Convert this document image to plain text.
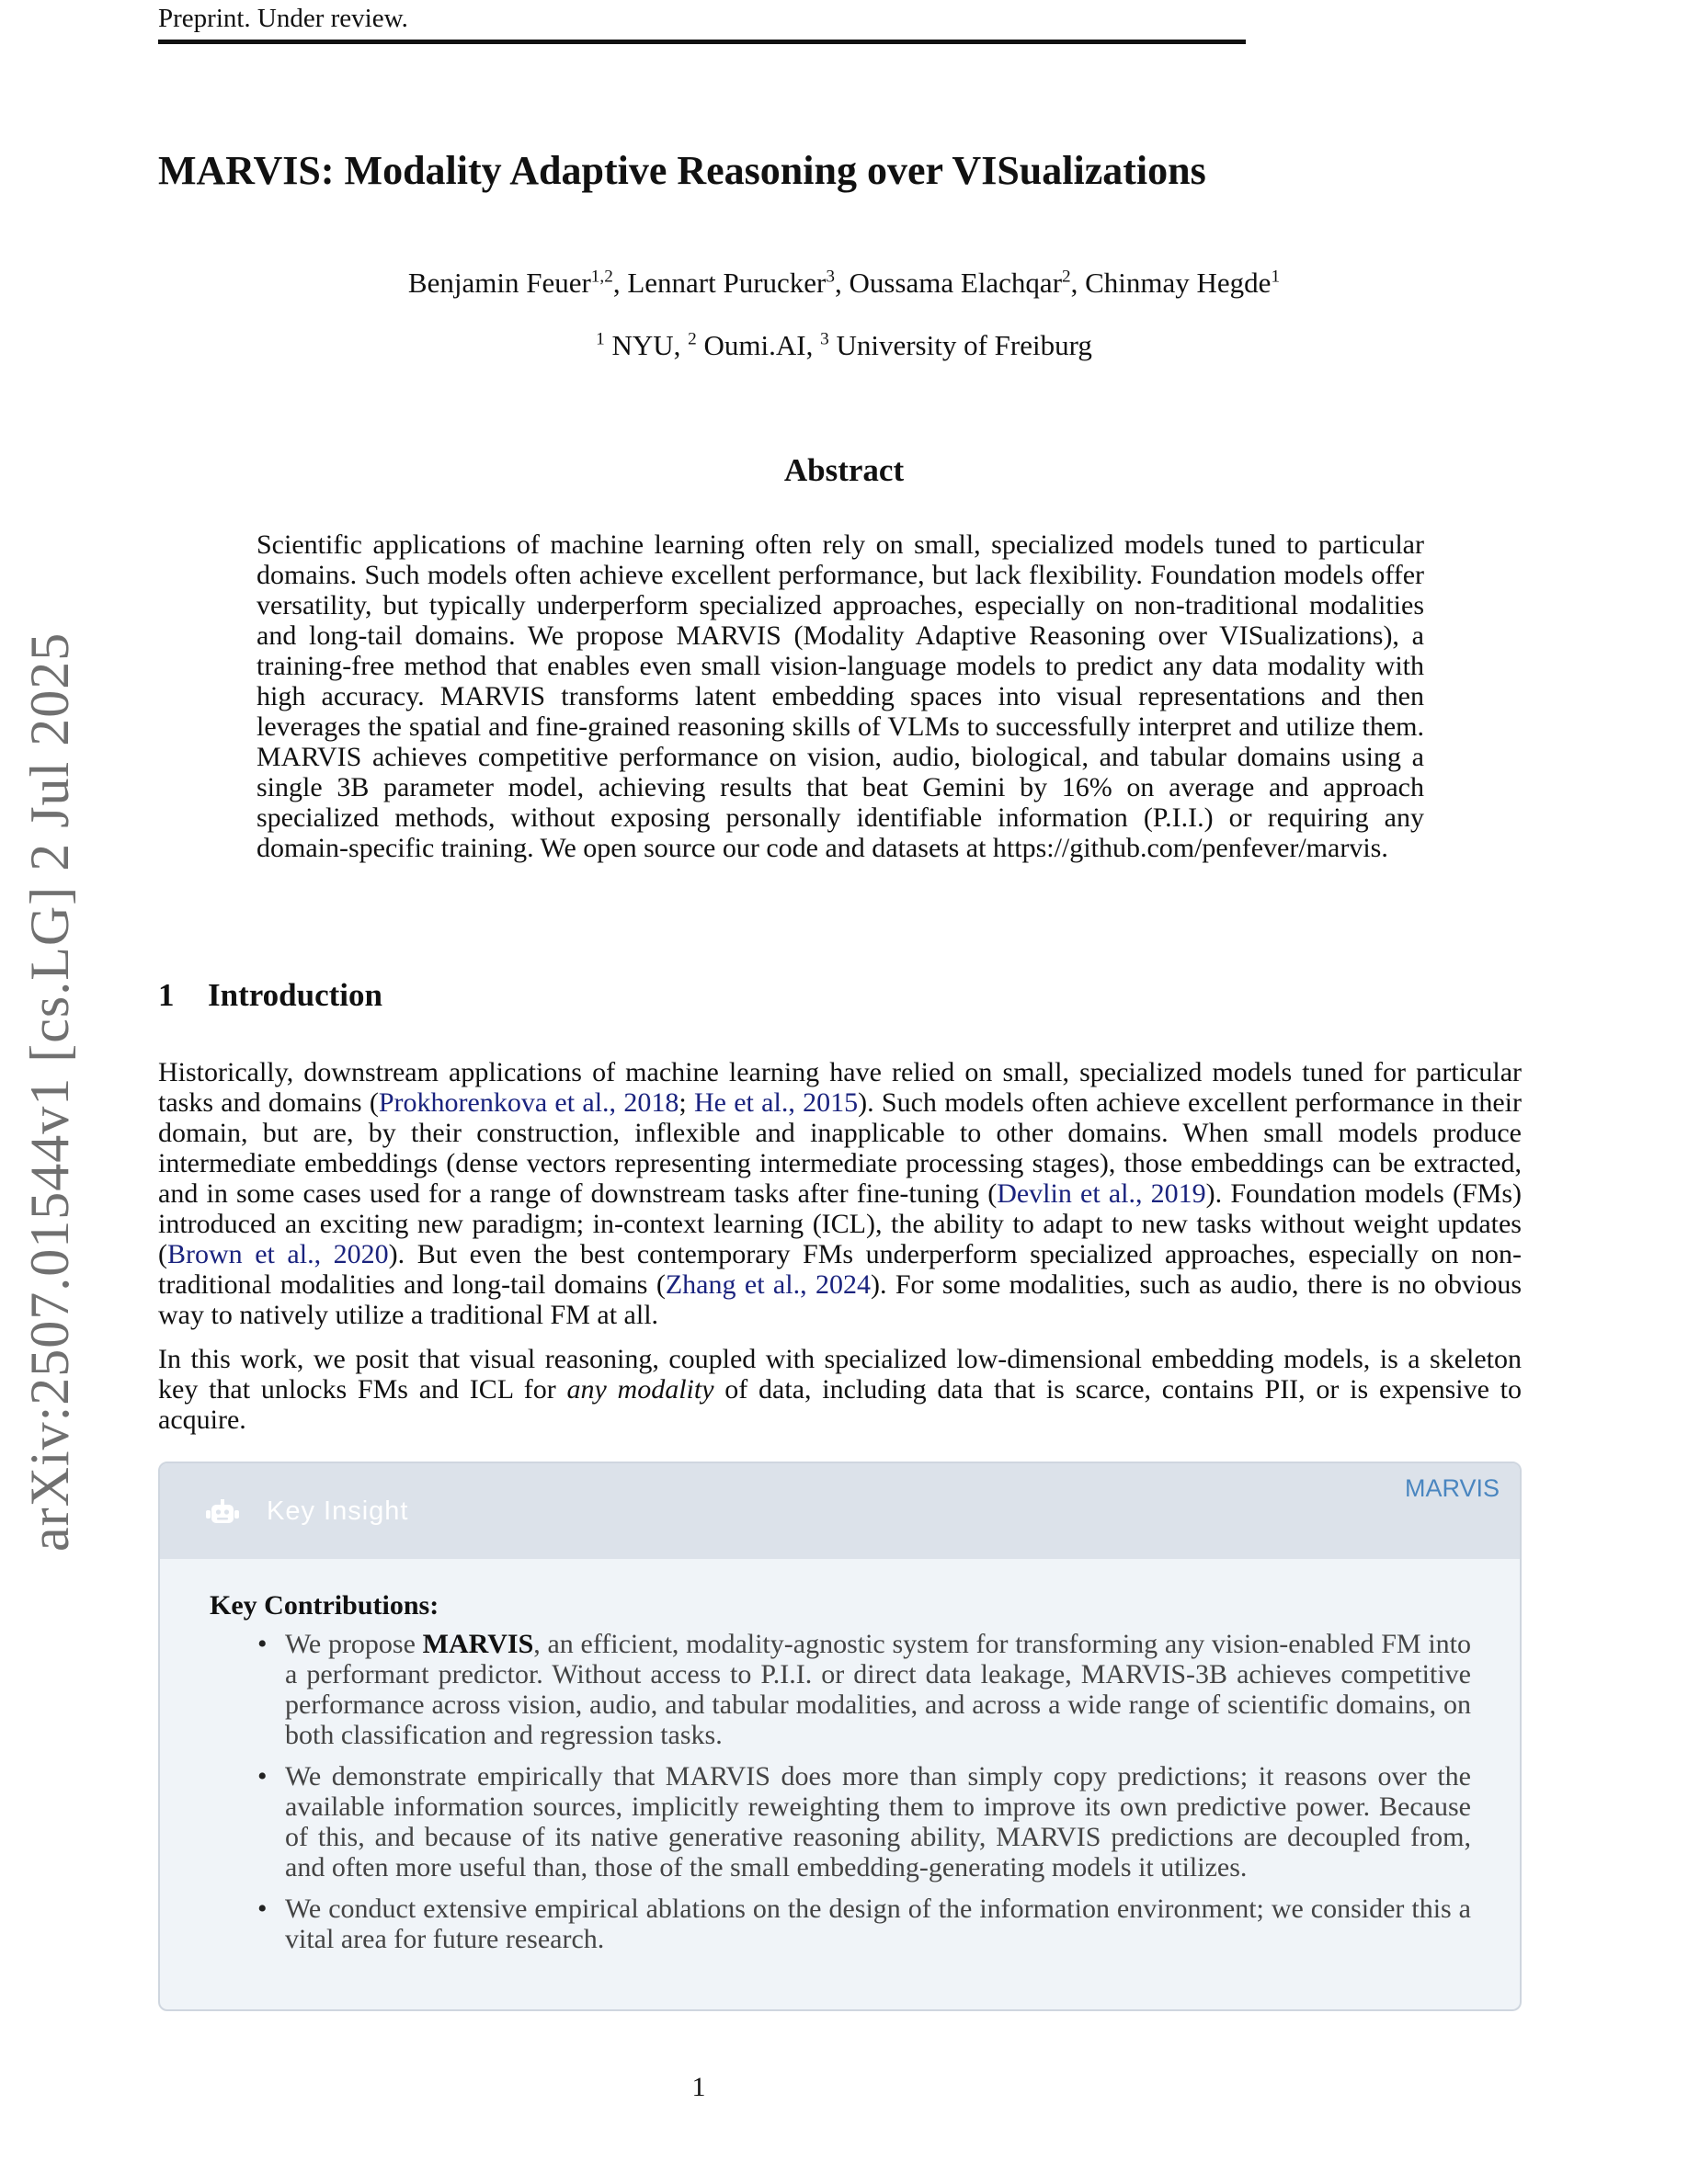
Preprint. Under review.
arXiv:2507.01544v1 [cs.LG] 2 Jul 2025
MARVIS: Modality Adaptive Reasoning over VISualizations
Benjamin Feuer$^{1,2}$, Lennart Purucker$^3$, Oussama Elachqar$^2$, Chinmay Hegde$^1$
$^1$ NYU, $^2$ Oumi.AI, $^3$ University of Freiburg
Abstract

Scientific applications of machine learning often rely on small, specialized models tuned to particular domains. Such models often achieve excellent performance, but lack flexibility. Foundation models offer versatility, but typically underperform specialized approaches, especially on non-traditional modalities and long-tail domains. We propose MARVIS (Modality Adaptive Reasoning over VISualizations), a training-free method that enables even small vision-language models to predict any data modality with high accuracy. MARVIS transforms latent embedding spaces into visual representations and then leverages the spatial and fine-grained reasoning skills of VLMs to successfully interpret and utilize them. MARVIS achieves competitive performance on vision, audio, biological, and tabular domains using a single 3B parameter model, achieving results that beat Gemini by 16% on average and approach specialized methods, without exposing personally identifiable information (P.I.I.) or requiring any domain-specific training. We open source our code and datasets at https://github.com/penfever/marvis.

1 Introduction

Historically, downstream applications of machine learning have relied on small, specialized models tuned for particular tasks and domains (Prokhorenkova et al., 2018; He et al., 2015). Such models often achieve excellent performance in their domain, but are, by their construction, inflexible and inapplicable to other domains. When small models produce intermediate embeddings (dense vectors representing intermediate processing stages), those embeddings can be extracted, and in some cases used for a range of downstream tasks after fine-tuning (Devlin et al., 2019). Foundation models (FMs) introduced an exciting new paradigm; in-context learning (ICL), the ability to adapt to new tasks without weight updates (Brown et al., 2020). But even the best contemporary FMs underperform specialized approaches, especially on non-traditional modalities and long-tail domains (Zhang et al., 2024). For some modalities, such as audio, there is no obvious way to natively utilize a traditional FM at all.

In this work, we posit that visual reasoning, coupled with specialized low-dimensional embedding models, is a skeleton key that unlocks FMs and ICL for any modality of data, including data that is scarce, contains PII, or is expensive to acquire.

Key Insight
MARVIS
Key Contributions:
• We propose MARVIS, an efficient, modality-agnostic system for transforming any vision-enabled FM into a performant predictor. Without access to P.I.I. or direct data leakage, MARVIS-3B achieves competitive performance across vision, audio, and tabular modalities, and across a wide range of scientific domains, on both classification and regression tasks.
• We demonstrate empirically that MARVIS does more than simply copy predictions; it reasons over the available information sources, implicitly reweighting them to improve its own predictive power. Because of this, and because of its native generative reasoning ability, MARVIS predictions are decoupled from, and often more useful than, those of the small embedding-generating models it utilizes.
• We conduct extensive empirical ablations on the design of the information environment; we consider this a vital area for future research.
1
